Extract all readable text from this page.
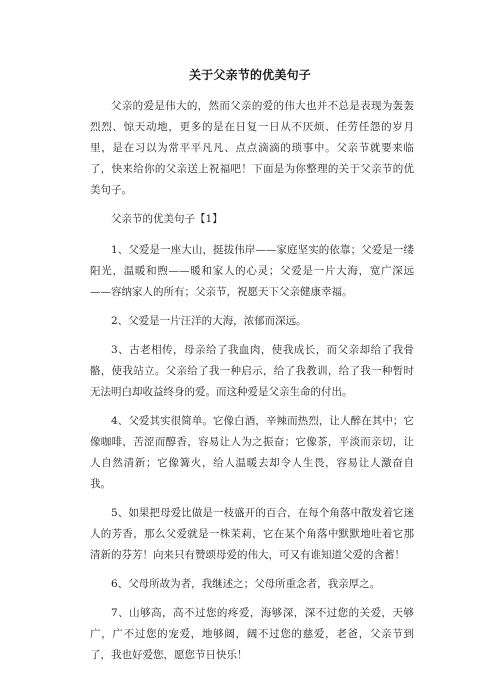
关于父亲节的优美句子

父亲的爱是伟大的，然而父亲的爱的伟大也并不总是表现为轰轰烈烈、惊天动地，更多的是在日复一日从不厌烦、任劳任怨的岁月里，是在习以为常平平凡凡、点点滴滴的琐事中。父亲节就要来临了，快来给你的父亲送上祝福吧！下面是为你整理的关于父亲节的优美句子。

父亲节的优美句子【1】

1、父爱是一座大山，挺拔伟岸——家庭坚实的依靠；父爱是一缕阳光，温暖和煦——暖和家人的心灵；父爱是一片大海，宽广深远——容纳家人的所有；父亲节，祝愿天下父亲健康幸福。

2、父爱是一片汪洋的大海，浓郁而深远。

3、古老相传，母亲给了我血肉，使我成长，而父亲却给了我骨骼，使我站立。父亲给了我一种启示，给了我教训，给了我一种暂时无法明白却收益终身的爱。而这种爱是父亲生命的付出。

4、父爱其实很简单。它像白酒，辛辣而热烈，让人醉在其中；它像咖啡，苦涩而醇香，容易让人为之振奋；它像茶，平淡而亲切，让人自然清新；它像篝火，给人温暖去却令人生畏，容易让人激奋自我。

5、如果把母爱比做是一枝盛开的百合，在每个角落中散发着它迷人的芳香，那么父爱就是一株茉莉，它在某个角落中默默地吐着它那清新的芬芳！向来只有赞颂母爱的伟大，可又有谁知道父爱的含蓄！

6、父母所故为者，我继述之；父母所重念者，我亲厚之。

7、山够高，高不过您的疼爱，海够深，深不过您的关爱，天够广，广不过您的宠爱，地够阔，阔不过您的慈爱，老爸，父亲节到了，我也好爱您，愿您节日快乐！
